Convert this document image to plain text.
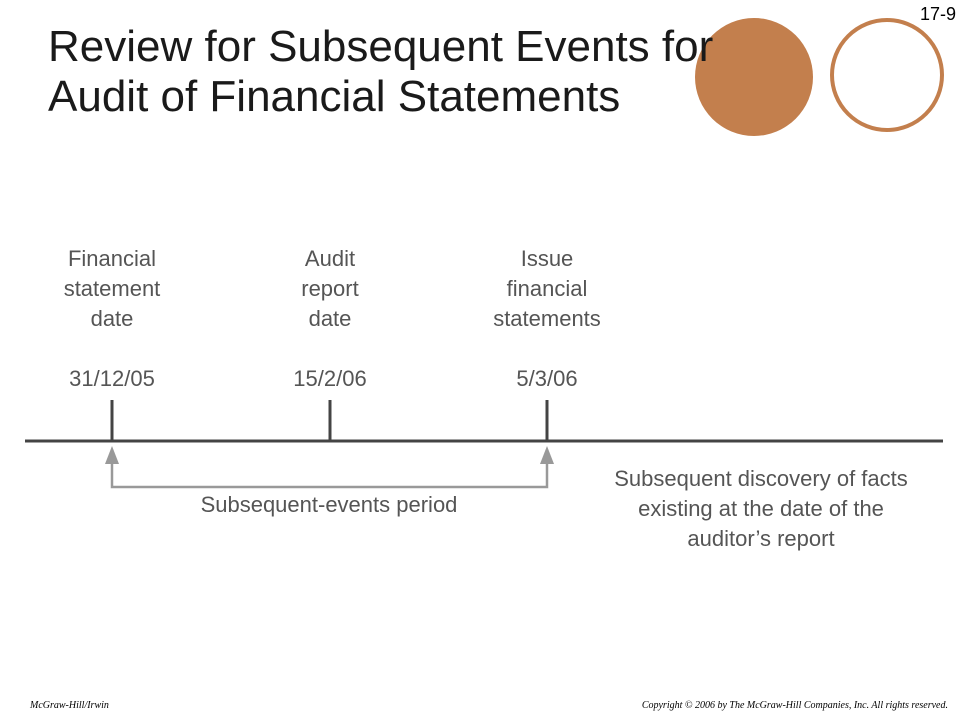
17-9
Review for Subsequent Events for
Audit of Financial Statements
Financial
statement
date
31/12/05
Audit
report
date
15/2/06
Issue
financial
statements
5/3/06
Subsequent-events period
Subsequent discovery of facts
existing at the date of the
auditor’s report
McGraw-Hill/Irwin	Copyright © 2006 by The McGraw-Hill Companies, Inc. All rights reserved.
